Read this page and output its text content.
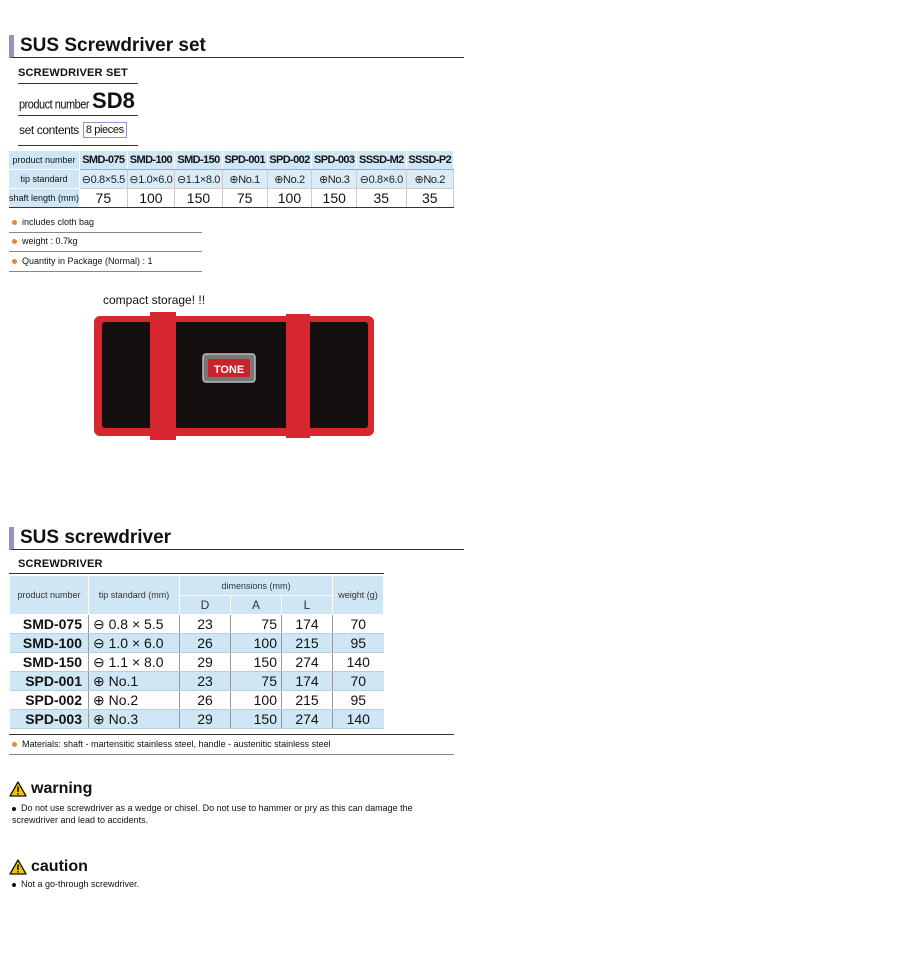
SUS Screwdriver set
SCREWDRIVER SET
product number SD8
set contents 8 pieces
product number	SMD-075	SMD-100	SMD-150	SPD-001	SPD-002	SPD-003	SSSD-M2	SSSD-P2
tip standard	⊖0.8×5.5	⊖1.0×6.0	⊖1.1×8.0	⊕No.1	⊕No.2	⊕No.3	⊖0.8×6.0	⊕No.2
shaft length (mm)	75	100	150	75	100	150	35	35
includes cloth bag
weight : 0.7kg
Quantity in Package (Normal) : 1
compact storage! !!
TONE
SUS screwdriver
SCREWDRIVER
product number	tip standard (mm)	dimensions (mm)			weight (g)
		D	A	L	
SMD-075	⊖ 0.8 × 5.5	23	75	174	70
SMD-100	⊖ 1.0 × 6.0	26	100	215	95
SMD-150	⊖ 1.1 × 8.0	29	150	274	140
SPD-001	⊕ No.1	23	75	174	70
SPD-002	⊕ No.2	26	100	215	95
SPD-003	⊕ No.3	29	150	274	140
Materials: shaft - martensitic stainless steel, handle - austenitic stainless steel
warning
Do not use screwdriver as a wedge or chisel. Do not use to hammer or pry as this can damage the screwdriver and lead to accidents.
caution
Not a go-through screwdriver.
